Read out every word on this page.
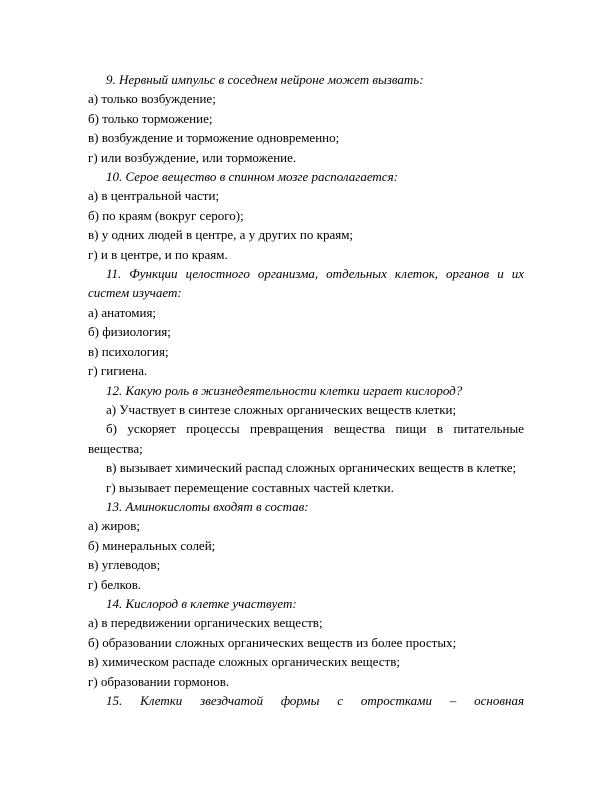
9. Нервный импульс в соседнем нейроне может вызвать:
а) только возбуждение;
б) только торможение;
в) возбуждение и торможение одновременно;
г) или возбуждение, или торможение.
10. Серое вещество в спинном мозге располагается:
а) в центральной части;
б) по краям (вокруг серого);
в) у одних людей в центре, а у других по краям;
г) и в центре, и по краям.
11. Функции целостного организма, отдельных клеток, органов и их систем изучает:
а) анатомия;
б) физиология;
в) психология;
г) гигиена.
12. Какую роль в жизнедеятельности клетки играет кислород?
а) Участвует в синтезе сложных органических веществ клетки;
б) ускоряет процессы превращения вещества пищи в питательные вещества;
в) вызывает химический распад сложных органических веществ в клетке;
г) вызывает перемещение составных частей клетки.
13. Аминокислоты входят в состав:
а) жиров;
б) минеральных солей;
в) углеводов;
г) белков.
14. Кислород в клетке участвует:
а) в передвижении органических веществ;
б) образовании сложных органических веществ из более простых;
в) химическом распаде сложных органических веществ;
г) образовании гормонов.
15. Клетки звездчатой формы с отростками – основная
